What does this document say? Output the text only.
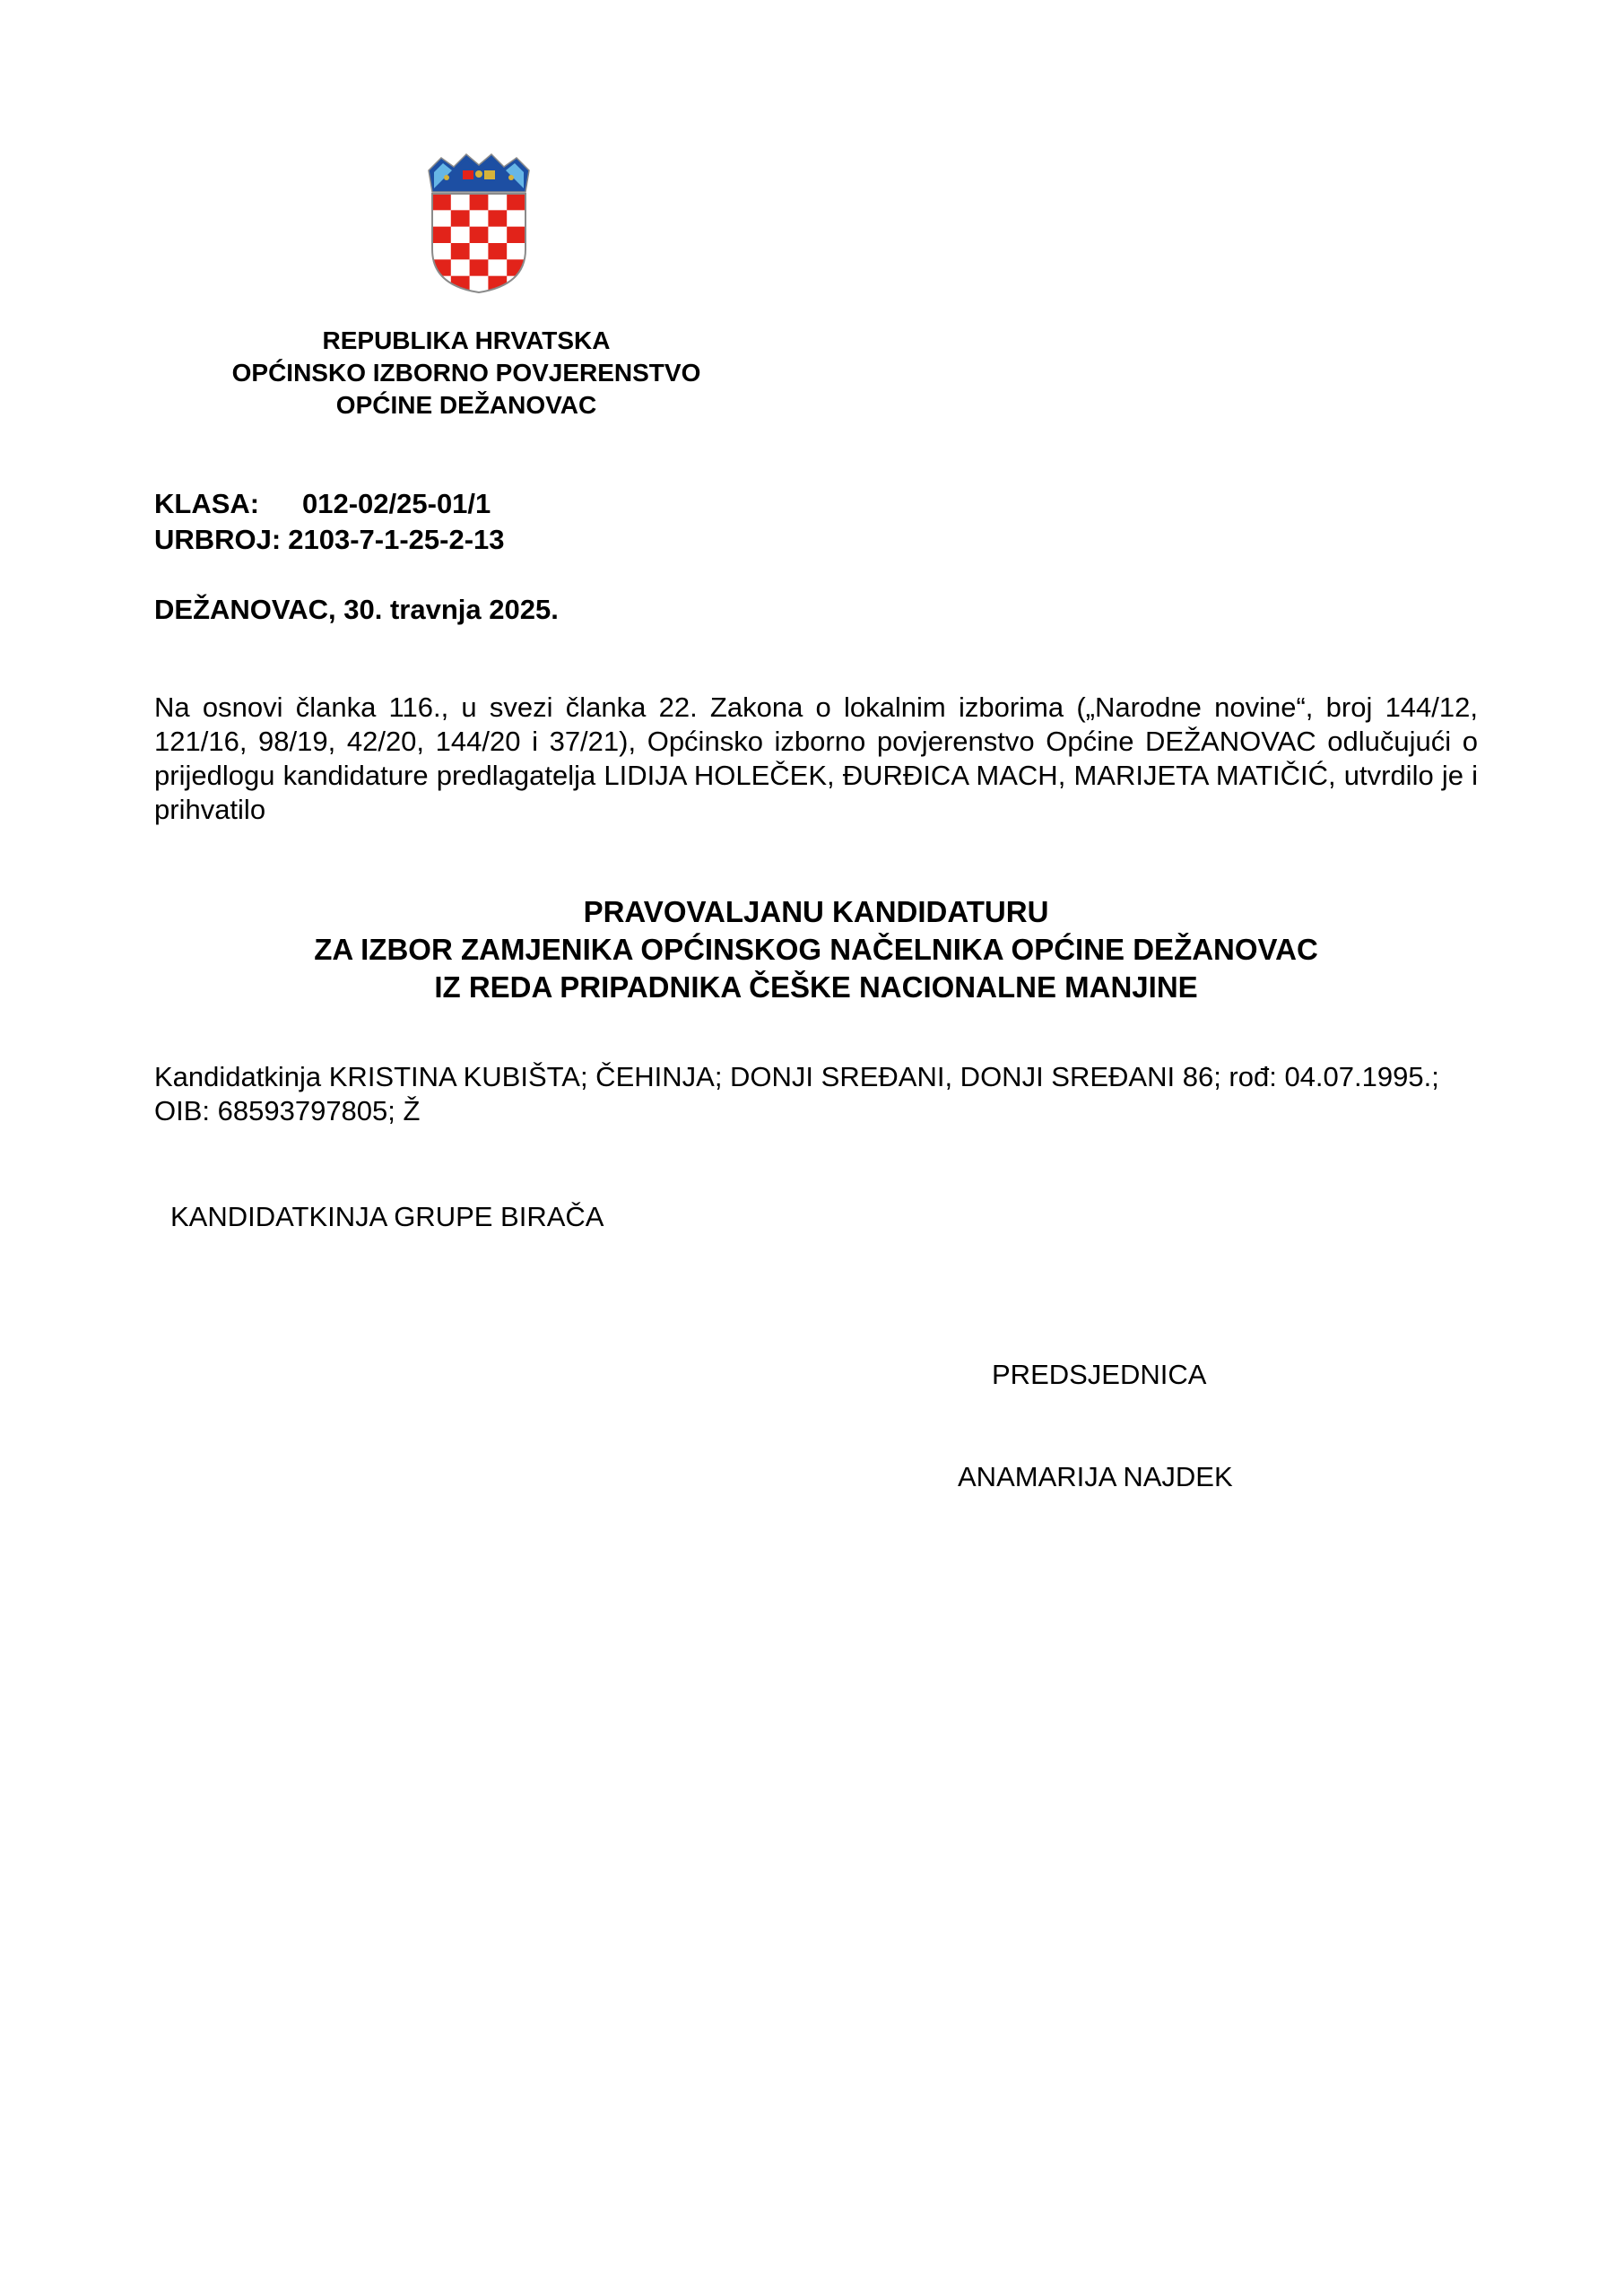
REPUBLIKA HRVATSKA
OPĆINSKO IZBORNO POVJERENSTVO
OPĆINE DEŽANOVAC
KLASA: 012-02/25-01/1
URBROJ: 2103-7-1-25-2-13
DEŽANOVAC, 30. travnja 2025.
Na osnovi članka 116., u svezi članka 22. Zakona o lokalnim izborima („Narodne novine“, broj 144/12, 121/16, 98/19, 42/20, 144/20 i 37/21), Općinsko izborno povjerenstvo Općine DEŽANOVAC odlučujući o prijedlogu kandidature predlagatelja LIDIJA HOLEČEK, ĐURĐICA MACH, MARIJETA MATIČIĆ, utvrdilo je i prihvatilo
PRAVOVALJANU KANDIDATURU
ZA IZBOR ZAMJENIKA OPĆINSKOG NAČELNIKA OPĆINE DEŽANOVAC
IZ REDA PRIPADNIKA ČEŠKE NACIONALNE MANJINE
Kandidatkinja KRISTINA KUBIŠTA; ČEHINJA; DONJI SREĐANI, DONJI SREĐANI 86; rođ: 04.07.1995.; OIB: 68593797805; Ž
KANDIDATKINJA GRUPE BIRAČA
PREDSJEDNICA
ANAMARIJA NAJDEK
